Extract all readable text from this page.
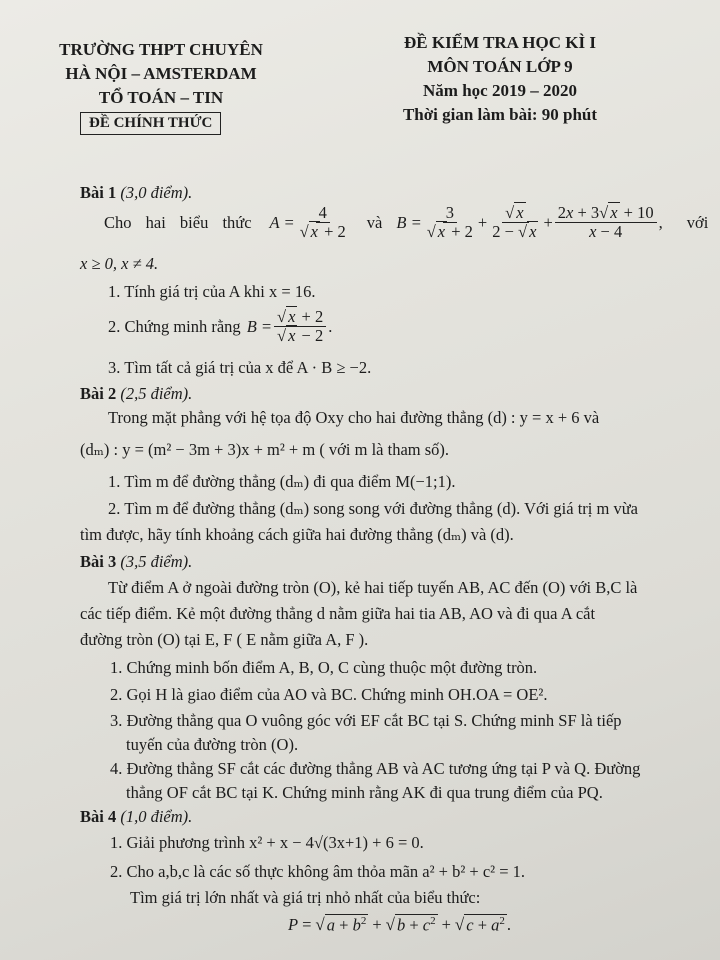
TRƯỜNG THPT CHUYÊN
HÀ NỘI – AMSTERDAM
TỔ TOÁN – TIN
ĐỀ CHÍNH THỨC
ĐỀ KIỂM TRA HỌC KÌ I
MÔN TOÁN LỚP 9
Năm học 2019 – 2020
Thời gian làm bài: 90 phút
Bài 1 (3,0 điểm).
Cho hai biểu thức $A = \frac{4}{√ x + 2}$ và $B = \frac{3}{√ x + 2} + \frac{√ x}{2 - √ x} + \frac{2x + 3√ x + 10}{x - 4}$ , với
x ≥ 0, x ≠ 4.
1. Tính giá trị của A khi x = 16.
2. Chứng minh rằng $B = \frac{√ x + 2}{√ x - 2}$ .
3. Tìm tất cả giá trị của x để A · B ≥ −2.
Bài 2 (2,5 điểm).
Trong mặt phẳng với hệ tọa độ Oxy cho hai đường thẳng (d) : y = x + 6 và
(dₘ) : y = (m² − 3m + 3)x + m² + m ( với m là tham số).
1. Tìm m để đường thẳng (dₘ) đi qua điểm M(−1;1).
2. Tìm m để đường thẳng (dₘ) song song với đường thẳng (d). Với giá trị m vừa
tìm được, hãy tính khoảng cách giữa hai đường thẳng (dₘ) và (d).
Bài 3 (3,5 điểm).
Từ điểm A ở ngoài đường tròn (O), kẻ hai tiếp tuyến AB, AC đến (O) với B,C là
các tiếp điểm. Kẻ một đường thẳng d nằm giữa hai tia AB, AO và đi qua A cắt
đường tròn (O) tại E, F ( E nằm giữa A, F ).
1. Chứng minh bốn điểm A, B, O, C cùng thuộc một đường tròn.
2. Gọi H là giao điểm của AO và BC. Chứng minh OH.OA = OE².
3. Đường thẳng qua O vuông góc với EF cắt BC tại S. Chứng minh SF là tiếp
tuyến của đường tròn (O).
4. Đường thẳng SF cắt các đường thẳng AB và AC tương ứng tại P và Q. Đường
thẳng OF cắt BC tại K. Chứng minh rằng AK đi qua trung điểm của PQ.
Bài 4 (1,0 điểm).
1. Giải phương trình x² + x − 4√(3x+1) + 6 = 0.
2. Cho a,b,c là các số thực không âm thỏa mãn a² + b² + c² = 1.
Tìm giá trị lớn nhất và giá trị nhỏ nhất của biểu thức:
P = √ $a + b^2$ + √ $b + c^2$ + √ $c + a^2$ .
